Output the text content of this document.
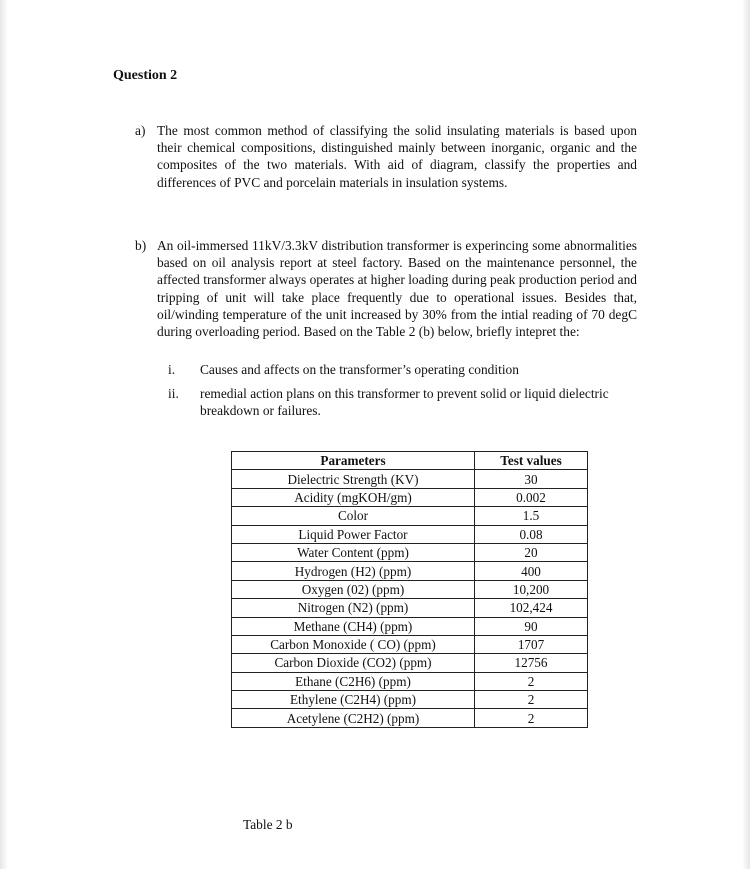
Question 2
a) The most common method of classifying the solid insulating materials is based upon their chemical compositions, distinguished mainly between inorganic, organic and the composites of the two materials. With aid of diagram, classify the properties and differences of PVC and porcelain materials in insulation systems.
b) An oil-immersed 11kV/3.3kV distribution transformer is experincing some abnormalities based on oil analysis report at steel factory. Based on the maintenance personnel, the affected transformer always operates at higher loading during peak production period and tripping of unit will take place frequently due to operational issues. Besides that, oil/winding temperature of the unit increased by 30% from the intial reading of 70 degC during overloading period. Based on the Table 2 (b) below, briefly intepret the:
i. Causes and affects on the transformer’s operating condition
ii. remedial action plans on this transformer to prevent solid or liquid dielectric breakdown or failures.
Parameters	Test values
Dielectric Strength (KV)	30
Acidity (mgKOH/gm)	0.002
Color	1.5
Liquid Power Factor	0.08
Water Content (ppm)	20
Hydrogen (H2) (ppm)	400
Oxygen (02) (ppm)	10,200
Nitrogen (N2) (ppm)	102,424
Methane (CH4) (ppm)	90
Carbon Monoxide ( CO) (ppm)	1707
Carbon Dioxide (CO2) (ppm)	12756
Ethane (C2H6) (ppm)	2
Ethylene (C2H4) (ppm)	2
Acetylene (C2H2) (ppm)	2
Table 2 b
